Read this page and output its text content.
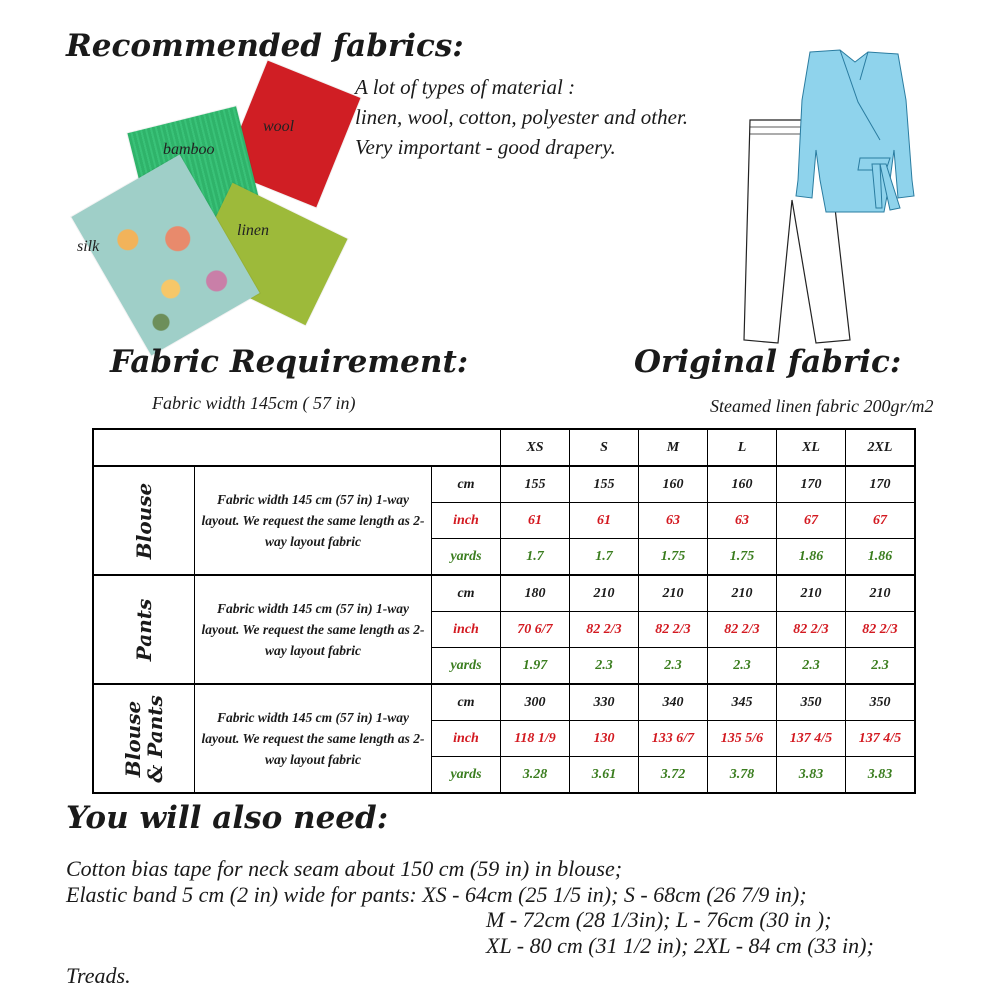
Recommended fabrics:
wool
bamboo
linen
silk
A lot of types of material :
linen, wool, cotton, polyester and other.
Very important - good drapery.
Fabric Requirement:
Fabric width 145cm ( 57 in)
Original fabric:
Steamed linen fabric 200gr/m2
			XS	S	M	L	XL	2XL

Blouse	Fabric width 145 cm (57 in) 1-way layout. We request the same length as 2-way layout fabric	cm	155	155	160	160	170	170
		inch	61	61	63	63	67	67
		yards	1.7	1.7	1.75	1.75	1.86	1.86

Pants	Fabric width 145 cm (57 in) 1-way layout. We request the same length as 2-way layout fabric	cm	180	210	210	210	210	210
		inch	70 6/7	82 2/3	82 2/3	82 2/3	82 2/3	82 2/3
		yards	1.97	2.3	2.3	2.3	2.3	2.3

Blouse & Pants	Fabric width 145 cm (57 in) 1-way layout. We request the same length as 2-way layout fabric	cm	300	330	340	345	350	350
		inch	118 1/9	130	133 6/7	135 5/6	137 4/5	137 4/5
		yards	3.28	3.61	3.72	3.78	3.83	3.83
You will also need:
Cotton bias tape for neck seam about 150 cm (59 in) in blouse;
Elastic band 5 cm (2 in) wide for pants: XS - 64cm (25 1/5 in); S - 68cm (26 7/9 in);
M - 72cm (28 1/3in); L - 76cm (30 in );
XL - 80 cm (31 1/2 in); 2XL - 84 cm (33 in);
Treads.
